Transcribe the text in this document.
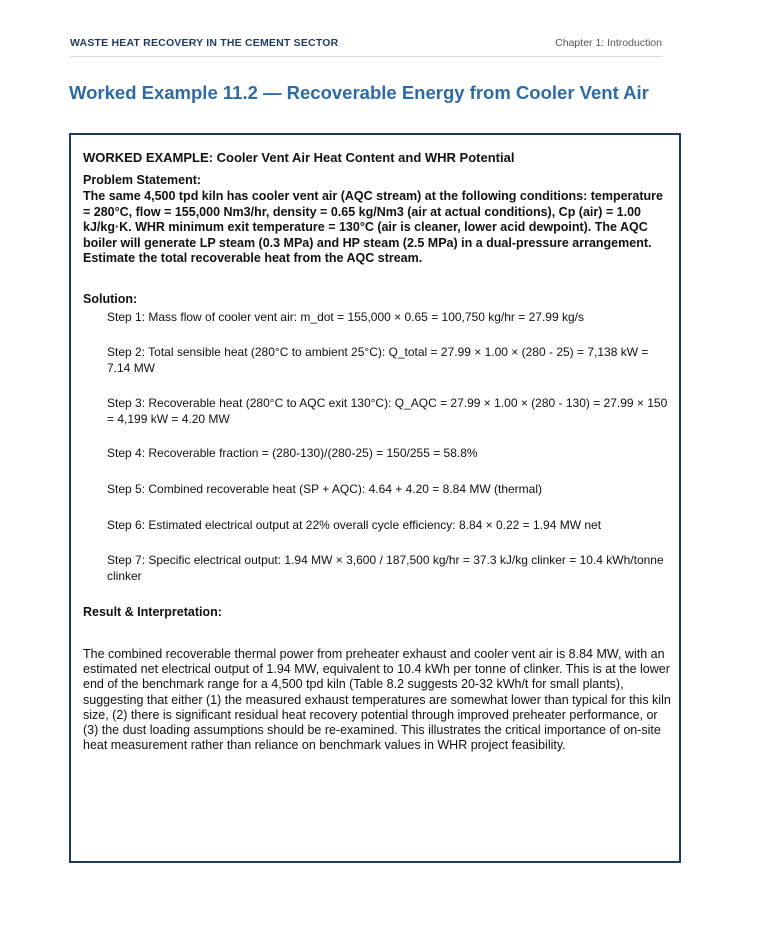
WASTE HEAT RECOVERY IN THE CEMENT SECTOR	Chapter 1: Introduction
Worked Example 11.2 — Recoverable Energy from Cooler Vent Air
WORKED EXAMPLE: Cooler Vent Air Heat Content and WHR Potential
Problem Statement:
The same 4,500 tpd kiln has cooler vent air (AQC stream) at the following conditions: temperature = 280°C, flow = 155,000 Nm3/hr, density = 0.65 kg/Nm3 (air at actual conditions), Cp (air) = 1.00 kJ/kg·K. WHR minimum exit temperature = 130°C (air is cleaner, lower acid dewpoint). The AQC boiler will generate LP steam (0.3 MPa) and HP steam (2.5 MPa) in a dual-pressure arrangement. Estimate the total recoverable heat from the AQC stream.
Solution:
Step 1: Mass flow of cooler vent air: m_dot = 155,000 × 0.65 = 100,750 kg/hr = 27.99 kg/s
Step 2: Total sensible heat (280°C to ambient 25°C): Q_total = 27.99 × 1.00 × (280 - 25) = 7,138 kW = 7.14 MW
Step 3: Recoverable heat (280°C to AQC exit 130°C): Q_AQC = 27.99 × 1.00 × (280 - 130) = 27.99 × 150 = 4,199 kW = 4.20 MW
Step 4: Recoverable fraction = (280-130)/(280-25) = 150/255 = 58.8%
Step 5: Combined recoverable heat (SP + AQC): 4.64 + 4.20 = 8.84 MW (thermal)
Step 6: Estimated electrical output at 22% overall cycle efficiency: 8.84 × 0.22 = 1.94 MW net
Step 7: Specific electrical output: 1.94 MW × 3,600 / 187,500 kg/hr = 37.3 kJ/kg clinker = 10.4 kWh/tonne clinker
Result & Interpretation:
The combined recoverable thermal power from preheater exhaust and cooler vent air is 8.84 MW, with an estimated net electrical output of 1.94 MW, equivalent to 10.4 kWh per tonne of clinker. This is at the lower end of the benchmark range for a 4,500 tpd kiln (Table 8.2 suggests 20-32 kWh/t for small plants), suggesting that either (1) the measured exhaust temperatures are somewhat lower than typical for this kiln size, (2) there is significant residual heat recovery potential through improved preheater performance, or (3) the dust loading assumptions should be re-examined. This illustrates the critical importance of on-site heat measurement rather than reliance on benchmark values in WHR project feasibility.
